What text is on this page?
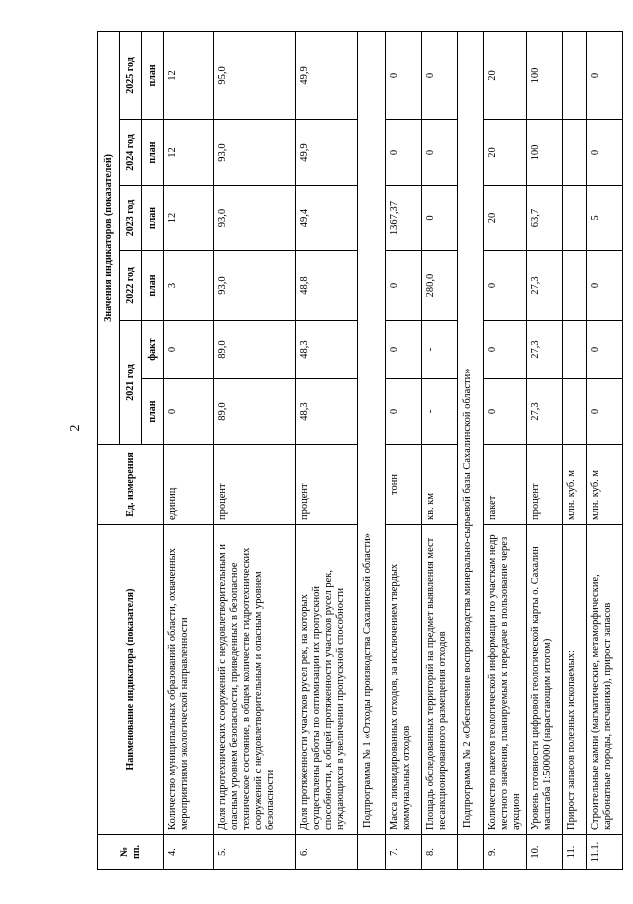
2
№ пп.	Наименование индикатора (показателя)	Ед. измерения	Значения индикаторов (показателей)					
			2021 год		2022 год	2023 год	2024 год	2025 год
			план	факт	план	план	план	план
4.	Количество муниципальных образований области, охваченных мероприятиями экологической направленности	единиц	0	0	3	12	12	12
5.	Доля гидротехнических сооружений с неудовлетворительным и опасным уровнем безопасности, приведенных в безопасное техническое состояние, в общем количестве гидротехнических сооружений с неудовлетворительным и опасным уровнем безопасности	процент	89,0	89,0	93,0	93,0	93,0	95,0
6.	Доля протяженности участков русел рек, на которых осуществлены работы по оптимизации их пропускной способности, к общей протяженности участков русел рек, нуждающихся в увеличении пропускной способности	процент	48,3	48,3	48,8	49,4	49,9	49,9
	Подпрограмма № 1 «Отходы производства Сахалинской области»							
7.	Масса ликвидированных отходов, за исключением твердых коммунальных отходов	тонн	0	0	0	1367,37	0	0
8.	Площадь обследованных территорий на предмет выявления мест несанкционированного размещения отходов	кв. км	-	-	280,0	0	0	0
	Подпрограмма № 2 «Обеспечение воспроизводства минерально-сырьевой базы Сахалинской области»							
9.	Количество пакетов геологической информации по участкам недр местного значения, планируемым к передаче в пользование через аукцион	пакет	0	0	0	20	20	20
10.	Уровень готовности цифровой геологической карты о. Сахалин масштаба 1:500000 (нарастающим итогом)	процент	27,3	27,3	27,3	63,7	100	100
11.	Прирост запасов полезных ископаемых:	млн. куб. м						
11.1.	Строительные камни (магматические, метаморфические, карбонатные породы, песчаники), прирост запасов	млн. куб. м	0	0	0	5	0	0
